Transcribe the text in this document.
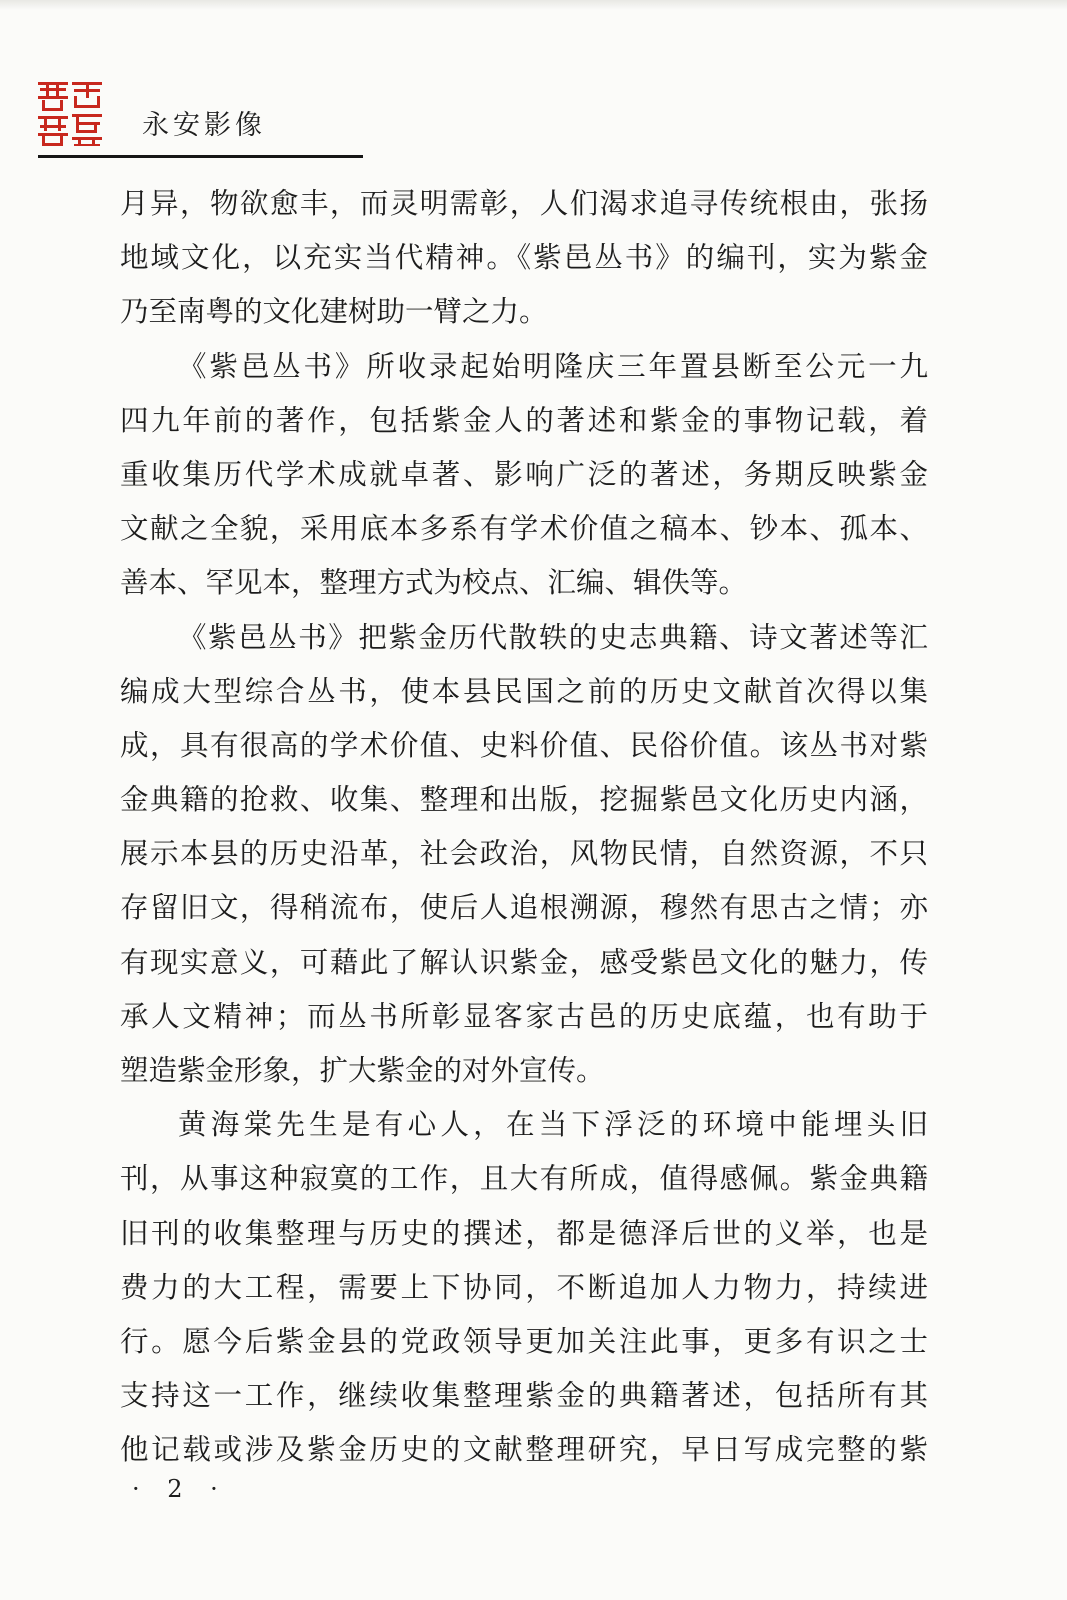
永安影像
月异，物欲愈丰，而灵明需彰，人们渴求追寻传统根由，张扬
地域文化，以充实当代精神。《紫邑丛书》的编刊，实为紫金
乃至南粤的文化建树助一臂之力。
《紫邑丛书》所收录起始明隆庆三年置县断至公元一九
四九年前的著作，包括紫金人的著述和紫金的事物记载，着
重收集历代学术成就卓著、影响广泛的著述，务期反映紫金
文献之全貌，采用底本多系有学术价值之稿本、钞本、孤本、
善本、罕见本，整理方式为校点、汇编、辑佚等。
《紫邑丛书》把紫金历代散轶的史志典籍、诗文著述等汇
编成大型综合丛书，使本县民国之前的历史文献首次得以集
成，具有很高的学术价值、史料价值、民俗价值。该丛书对紫
金典籍的抢救、收集、整理和出版，挖掘紫邑文化历史内涵，
展示本县的历史沿革，社会政治，风物民情，自然资源，不只
存留旧文，得稍流布，使后人追根溯源，穆然有思古之情；亦
有现实意义，可藉此了解认识紫金，感受紫邑文化的魅力，传
承人文精神；而丛书所彰显客家古邑的历史底蕴，也有助于
塑造紫金形象，扩大紫金的对外宣传。
黄海棠先生是有心人，在当下浮泛的环境中能埋头旧
刊，从事这种寂寞的工作，且大有所成，值得感佩。紫金典籍
旧刊的收集整理与历史的撰述，都是德泽后世的义举，也是
费力的大工程，需要上下协同，不断追加人力物力，持续进
行。愿今后紫金县的党政领导更加关注此事，更多有识之士
支持这一工作，继续收集整理紫金的典籍著述，包括所有其
他记载或涉及紫金历史的文献整理研究，早日写成完整的紫
· 2 ·
